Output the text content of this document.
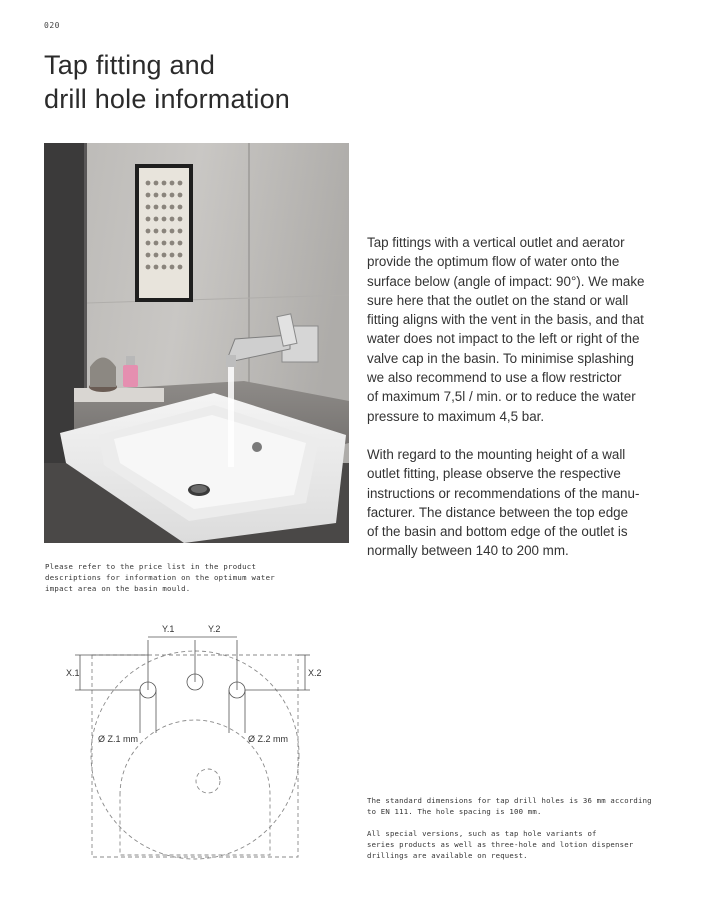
020
Tap fitting and
drill hole information

Please refer to the price list in the product
descriptions for information on the optimum water
impact area on the basin mould.

Tap fittings with a vertical outlet and aerator
provide the optimum flow of water onto the
surface below (angle of impact: 90°). We make
sure here that the outlet on the stand or wall
fitting aligns with the vent in the basis, and that
water does not impact to the left or right of the
valve cap in the basin. To minimise splashing
we also recommend to use a flow restrictor
of maximum 7,5l / min. or to reduce the water
pressure to maximum 4,5 bar.

With regard to the mounting height of a wall
outlet fitting, please observe the respective
instructions or recommendations of the manu-
facturer. The distance between the top edge
of the basin and bottom edge of the outlet is
normally between 140 to 200 mm.

Y.1	Y.2
X.1	X.2
Ø Z.1 mm	Ø Z.2 mm

The standard dimensions for tap drill holes is 36 mm according
to EN 111. The hole spacing is 100 mm.

All special versions, such as tap hole variants of
series products as well as three-hole and lotion dispenser
drillings are available on request.
